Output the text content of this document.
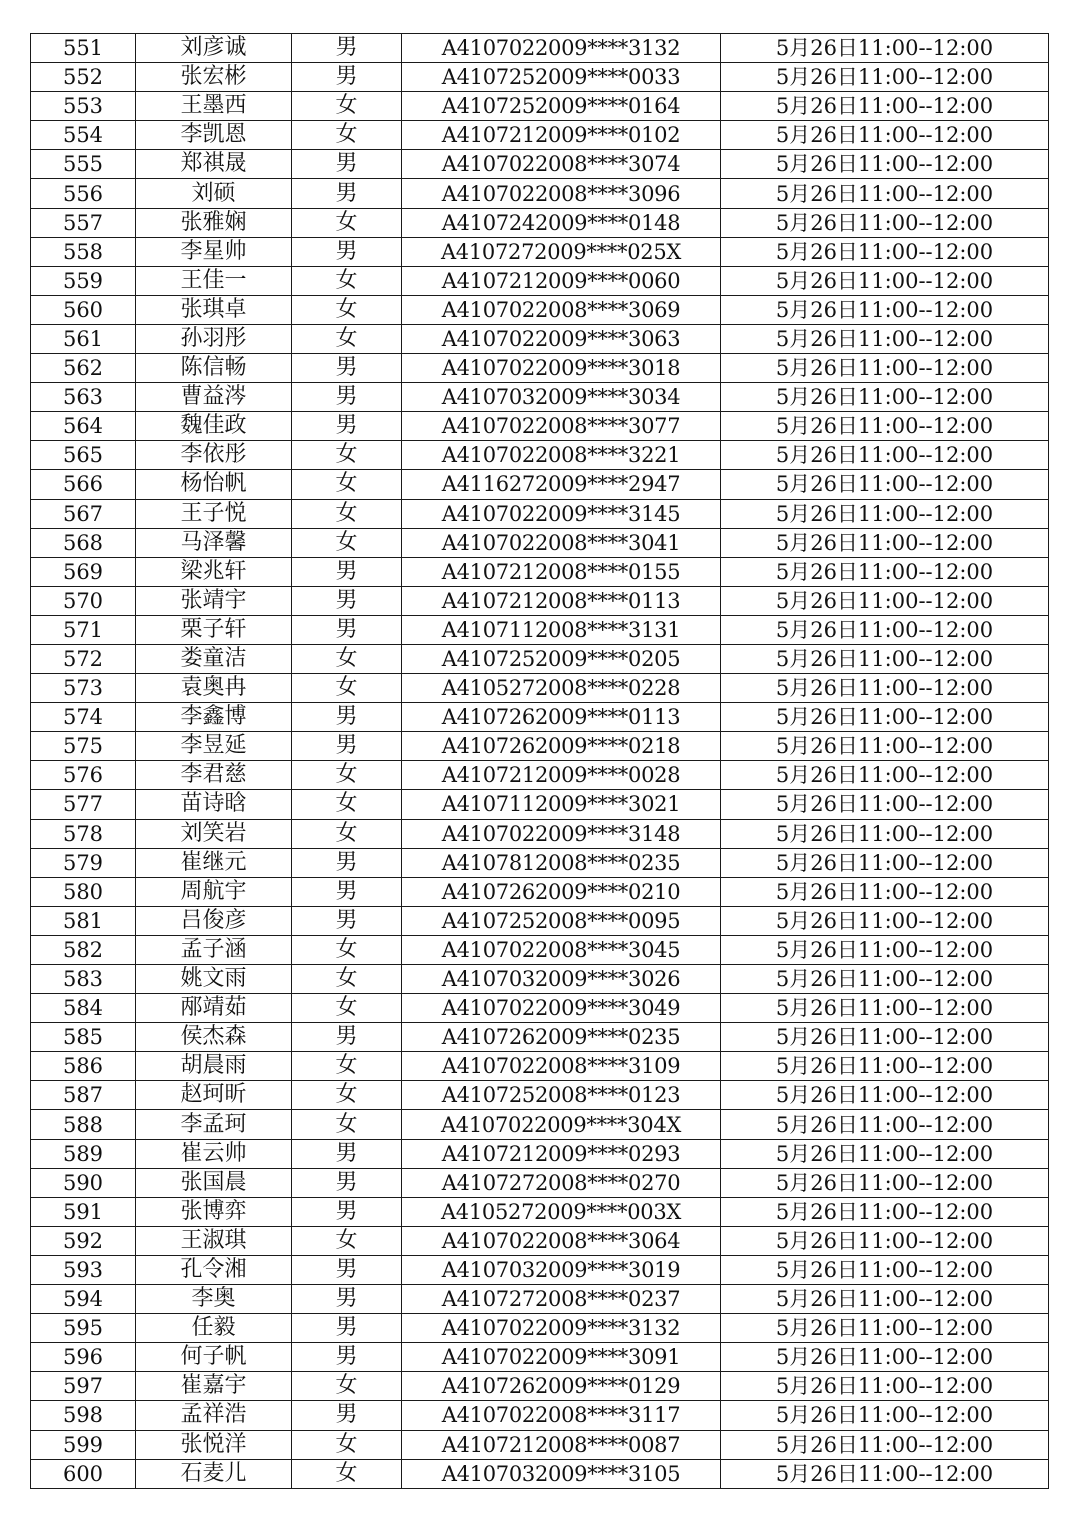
551	刘彦诚	男	A4107022009****3132	5月26日11:00--12:00
552	张宏彬	男	A4107252009****0033	5月26日11:00--12:00
553	王墨西	女	A4107252009****0164	5月26日11:00--12:00
554	李凯恩	女	A4107212009****0102	5月26日11:00--12:00
555	郑祺晟	男	A4107022008****3074	5月26日11:00--12:00
556	刘硕	男	A4107022008****3096	5月26日11:00--12:00
557	张雅娴	女	A4107242009****0148	5月26日11:00--12:00
558	李星帅	男	A4107272009****025X	5月26日11:00--12:00
559	王佳一	女	A4107212009****0060	5月26日11:00--12:00
560	张琪卓	女	A4107022008****3069	5月26日11:00--12:00
561	孙羽彤	女	A4107022009****3063	5月26日11:00--12:00
562	陈信畅	男	A4107022009****3018	5月26日11:00--12:00
563	曹益涔	男	A4107032009****3034	5月26日11:00--12:00
564	魏佳政	男	A4107022008****3077	5月26日11:00--12:00
565	李依彤	女	A4107022008****3221	5月26日11:00--12:00
566	杨怡帆	女	A4116272009****2947	5月26日11:00--12:00
567	王子悦	女	A4107022009****3145	5月26日11:00--12:00
568	马泽馨	女	A4107022008****3041	5月26日11:00--12:00
569	梁兆轩	男	A4107212008****0155	5月26日11:00--12:00
570	张靖宇	男	A4107212008****0113	5月26日11:00--12:00
571	栗子轩	男	A4107112008****3131	5月26日11:00--12:00
572	娄童洁	女	A4107252009****0205	5月26日11:00--12:00
573	袁奥冉	女	A4105272008****0228	5月26日11:00--12:00
574	李鑫博	男	A4107262009****0113	5月26日11:00--12:00
575	李昱延	男	A4107262009****0218	5月26日11:00--12:00
576	李君慈	女	A4107212009****0028	5月26日11:00--12:00
577	苗诗晗	女	A4107112009****3021	5月26日11:00--12:00
578	刘笑岩	女	A4107022009****3148	5月26日11:00--12:00
579	崔继元	男	A4107812008****0235	5月26日11:00--12:00
580	周航宇	男	A4107262009****0210	5月26日11:00--12:00
581	吕俊彦	男	A4107252008****0095	5月26日11:00--12:00
582	孟子涵	女	A4107022008****3045	5月26日11:00--12:00
583	姚文雨	女	A4107032009****3026	5月26日11:00--12:00
584	邴靖茹	女	A4107022009****3049	5月26日11:00--12:00
585	侯杰森	男	A4107262009****0235	5月26日11:00--12:00
586	胡晨雨	女	A4107022008****3109	5月26日11:00--12:00
587	赵珂昕	女	A4107252008****0123	5月26日11:00--12:00
588	李孟珂	女	A4107022009****304X	5月26日11:00--12:00
589	崔云帅	男	A4107212009****0293	5月26日11:00--12:00
590	张国晨	男	A4107272008****0270	5月26日11:00--12:00
591	张博弈	男	A4105272009****003X	5月26日11:00--12:00
592	王淑琪	女	A4107022008****3064	5月26日11:00--12:00
593	孔令湘	男	A4107032009****3019	5月26日11:00--12:00
594	李奥	男	A4107272008****0237	5月26日11:00--12:00
595	任毅	男	A4107022009****3132	5月26日11:00--12:00
596	何子帆	男	A4107022009****3091	5月26日11:00--12:00
597	崔嘉宇	女	A4107262009****0129	5月26日11:00--12:00
598	孟祥浩	男	A4107022008****3117	5月26日11:00--12:00
599	张悦洋	女	A4107212008****0087	5月26日11:00--12:00
600	石麦儿	女	A4107032009****3105	5月26日11:00--12:00
